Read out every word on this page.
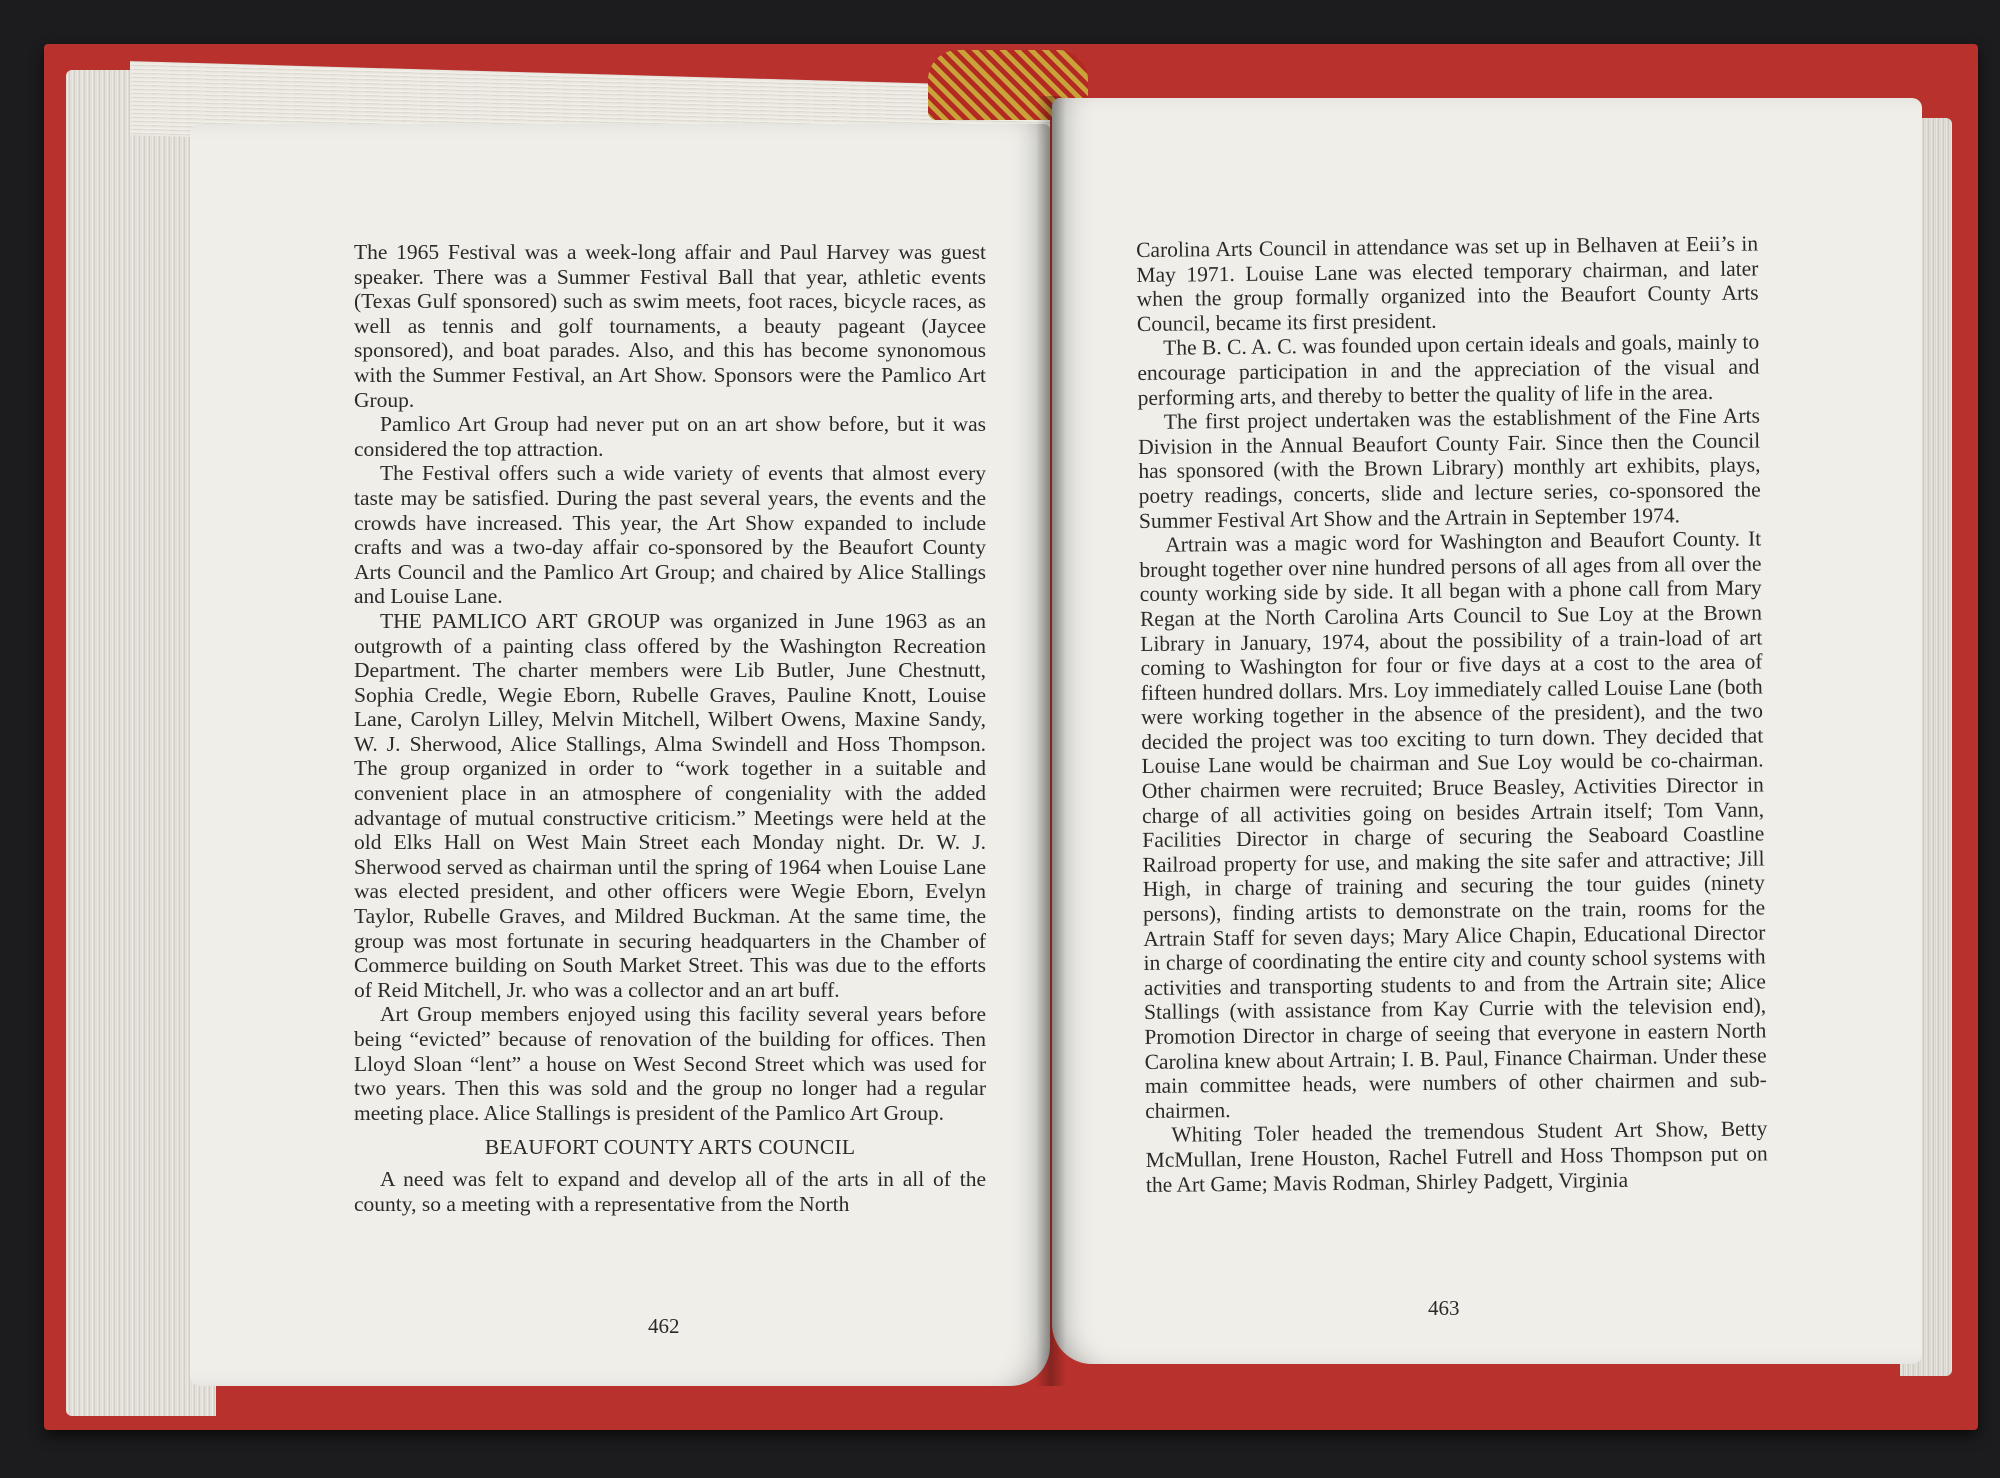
The 1965 Festival was a week-long affair and Paul Harvey was guest speaker. There was a Summer Festival Ball that year, athletic events (Texas Gulf sponsored) such as swim meets, foot races, bicycle races, as well as tennis and golf tournaments, a beauty pageant (Jaycee sponsored), and boat parades. Also, and this has become synonomous with the Summer Festival, an Art Show. Sponsors were the Pamlico Art Group.

Pamlico Art Group had never put on an art show before, but it was considered the top attraction.

The Festival offers such a wide variety of events that almost every taste may be satisfied. During the past several years, the events and the crowds have increased. This year, the Art Show expanded to include crafts and was a two-day affair co-sponsored by the Beaufort County Arts Council and the Pamlico Art Group; and chaired by Alice Stallings and Louise Lane.

THE PAMLICO ART GROUP was organized in June 1963 as an outgrowth of a painting class offered by the Washington Recreation Department. The charter members were Lib Butler, June Chestnutt, Sophia Credle, Wegie Eborn, Rubelle Graves, Pauline Knott, Louise Lane, Carolyn Lilley, Melvin Mitchell, Wilbert Owens, Maxine Sandy, W. J. Sherwood, Alice Stallings, Alma Swindell and Hoss Thompson. The group organized in order to “work together in a suitable and convenient place in an atmosphere of congeniality with the added advantage of mutual constructive criticism.” Meetings were held at the old Elks Hall on West Main Street each Monday night. Dr. W. J. Sherwood served as chairman until the spring of 1964 when Louise Lane was elected president, and other officers were Wegie Eborn, Evelyn Taylor, Rubelle Graves, and Mildred Buckman. At the same time, the group was most fortunate in securing headquarters in the Chamber of Commerce building on South Market Street. This was due to the efforts of Reid Mitchell, Jr. who was a collector and an art buff.

Art Group members enjoyed using this facility several years before being “evicted” because of renovation of the building for offices. Then Lloyd Sloan “lent” a house on West Second Street which was used for two years. Then this was sold and the group no longer had a regular meeting place. Alice Stallings is president of the Pamlico Art Group.

BEAUFORT COUNTY ARTS COUNCIL

A need was felt to expand and develop all of the arts in all of the county, so a meeting with a representative from the North

462

Carolina Arts Council in attendance was set up in Belhaven at Eeii’s in May 1971. Louise Lane was elected temporary chairman, and later when the group formally organized into the Beaufort County Arts Council, became its first president.

The B. C. A. C. was founded upon certain ideals and goals, mainly to encourage participation in and the appreciation of the visual and performing arts, and thereby to better the quality of life in the area.

The first project undertaken was the establishment of the Fine Arts Division in the Annual Beaufort County Fair. Since then the Council has sponsored (with the Brown Library) monthly art exhibits, plays, poetry readings, concerts, slide and lecture series, co-sponsored the Summer Festival Art Show and the Artrain in September 1974.

Artrain was a magic word for Washington and Beaufort County. It brought together over nine hundred persons of all ages from all over the county working side by side. It all began with a phone call from Mary Regan at the North Carolina Arts Council to Sue Loy at the Brown Library in January, 1974, about the possibility of a train-load of art coming to Washington for four or five days at a cost to the area of fifteen hundred dollars. Mrs. Loy immediately called Louise Lane (both were working together in the absence of the president), and the two decided the project was too exciting to turn down. They decided that Louise Lane would be chairman and Sue Loy would be co-chairman. Other chairmen were recruited; Bruce Beasley, Activities Director in charge of all activities going on besides Artrain itself; Tom Vann, Facilities Director in charge of securing the Seaboard Coastline Railroad property for use, and making the site safer and attractive; Jill High, in charge of training and securing the tour guides (ninety persons), finding artists to demonstrate on the train, rooms for the Artrain Staff for seven days; Mary Alice Chapin, Educational Director in charge of coordinating the entire city and county school systems with activities and transporting students to and from the Artrain site; Alice Stallings (with assistance from Kay Currie with the television end), Promotion Director in charge of seeing that everyone in eastern North Carolina knew about Artrain; I. B. Paul, Finance Chairman. Under these main committee heads, were numbers of other chairmen and sub-chairmen.

Whiting Toler headed the tremendous Student Art Show, Betty McMullan, Irene Houston, Rachel Futrell and Hoss Thompson put on the Art Game; Mavis Rodman, Shirley Padgett, Virginia

463
